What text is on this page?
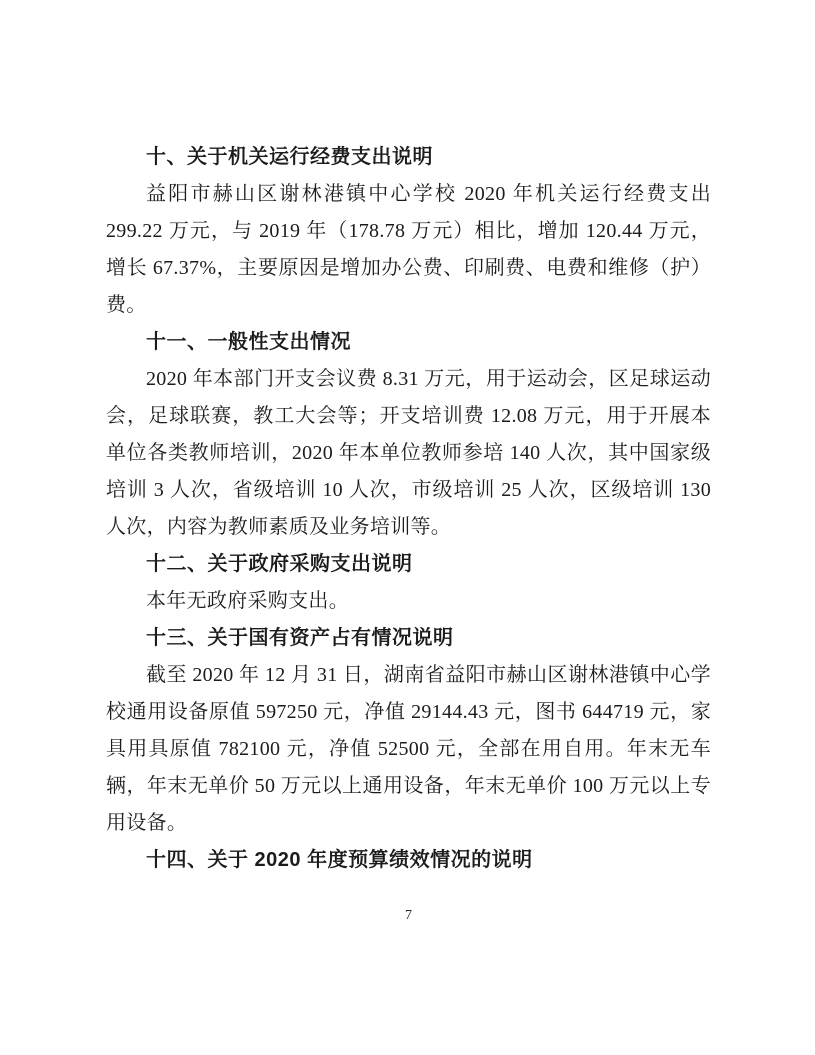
十、关于机关运行经费支出说明

益阳市赫山区谢林港镇中心学校 2020 年机关运行经费支出 299.22 万元，与 2019 年（178.78 万元）相比，增加 120.44 万元，增长 67.37%，主要原因是增加办公费、印刷费、电费和维修（护）费。

十一、一般性支出情况

2020 年本部门开支会议费 8.31 万元，用于运动会，区足球运动会，足球联赛，教工大会等；开支培训费 12.08 万元，用于开展本单位各类教师培训，2020 年本单位教师参培 140 人次，其中国家级培训 3 人次，省级培训 10 人次，市级培训 25 人次，区级培训 130 人次，内容为教师素质及业务培训等。

十二、关于政府采购支出说明

本年无政府采购支出。

十三、关于国有资产占有情况说明

截至 2020 年 12 月 31 日，湖南省益阳市赫山区谢林港镇中心学校通用设备原值 597250 元，净值 29144.43 元，图书 644719 元，家具用具原值 782100 元，净值 52500 元，全部在用自用。年末无车辆，年末无单价 50 万元以上通用设备，年末无单价 100 万元以上专用设备。

十四、关于 2020 年度预算绩效情况的说明
7
